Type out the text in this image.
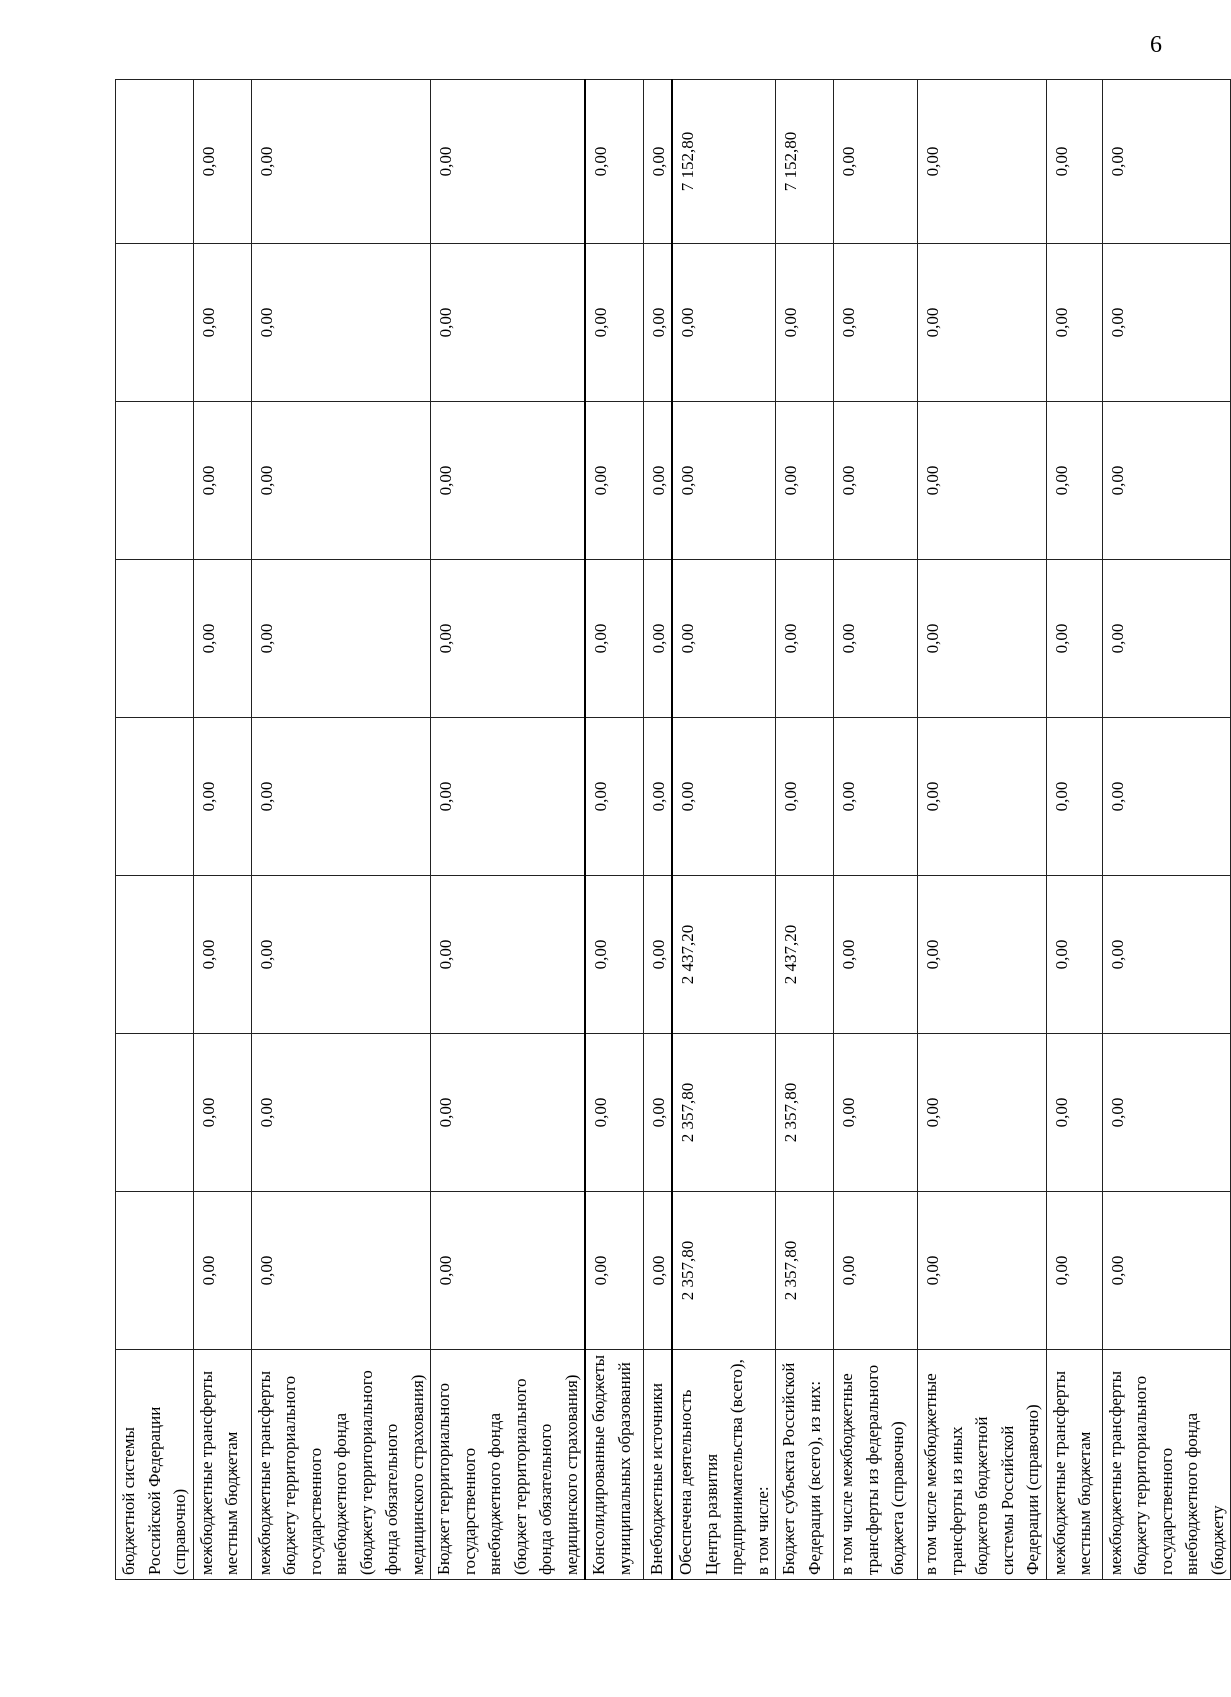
6
бюджетной системы Российской Федерации (справочно)								
межбюджетные трансферты местным бюджетам	0,00	0,00	0,00	0,00	0,00	0,00	0,00	0,00
межбюджетные трансферты бюджету территориального государственного внебюджетного фонда (бюджету территориального фонда обязательного медицинского страхования)	0,00	0,00	0,00	0,00	0,00	0,00	0,00	0,00
Бюджет территориального государственного внебюджетного фонда (бюджет территориального фонда обязательного медицинского страхования)	0,00	0,00	0,00	0,00	0,00	0,00	0,00	0,00
Консолидированные бюджеты муниципальных образований	0,00	0,00	0,00	0,00	0,00	0,00	0,00	0,00
Внебюджетные источники	0,00	0,00	0,00	0,00	0,00	0,00	0,00	0,00
Обеспечена деятельность Центра развития предпринимательства (всего), в том числе:	2 357,80	2 357,80	2 437,20	0,00	0,00	0,00	0,00	7 152,80
Бюджет субъекта Российской Федерации (всего), из них:	2 357,80	2 357,80	2 437,20	0,00	0,00	0,00	0,00	7 152,80
в том числе межбюджетные трансферты из федерального бюджета (справочно)	0,00	0,00	0,00	0,00	0,00	0,00	0,00	0,00
в том числе межбюджетные трансферты из иных бюджетов бюджетной системы Российской Федерации (справочно)	0,00	0,00	0,00	0,00	0,00	0,00	0,00	0,00
межбюджетные трансферты местным бюджетам	0,00	0,00	0,00	0,00	0,00	0,00	0,00	0,00
межбюджетные трансферты бюджету территориального государственного внебюджетного фонда (бюджету	0,00	0,00	0,00	0,00	0,00	0,00	0,00	0,00
